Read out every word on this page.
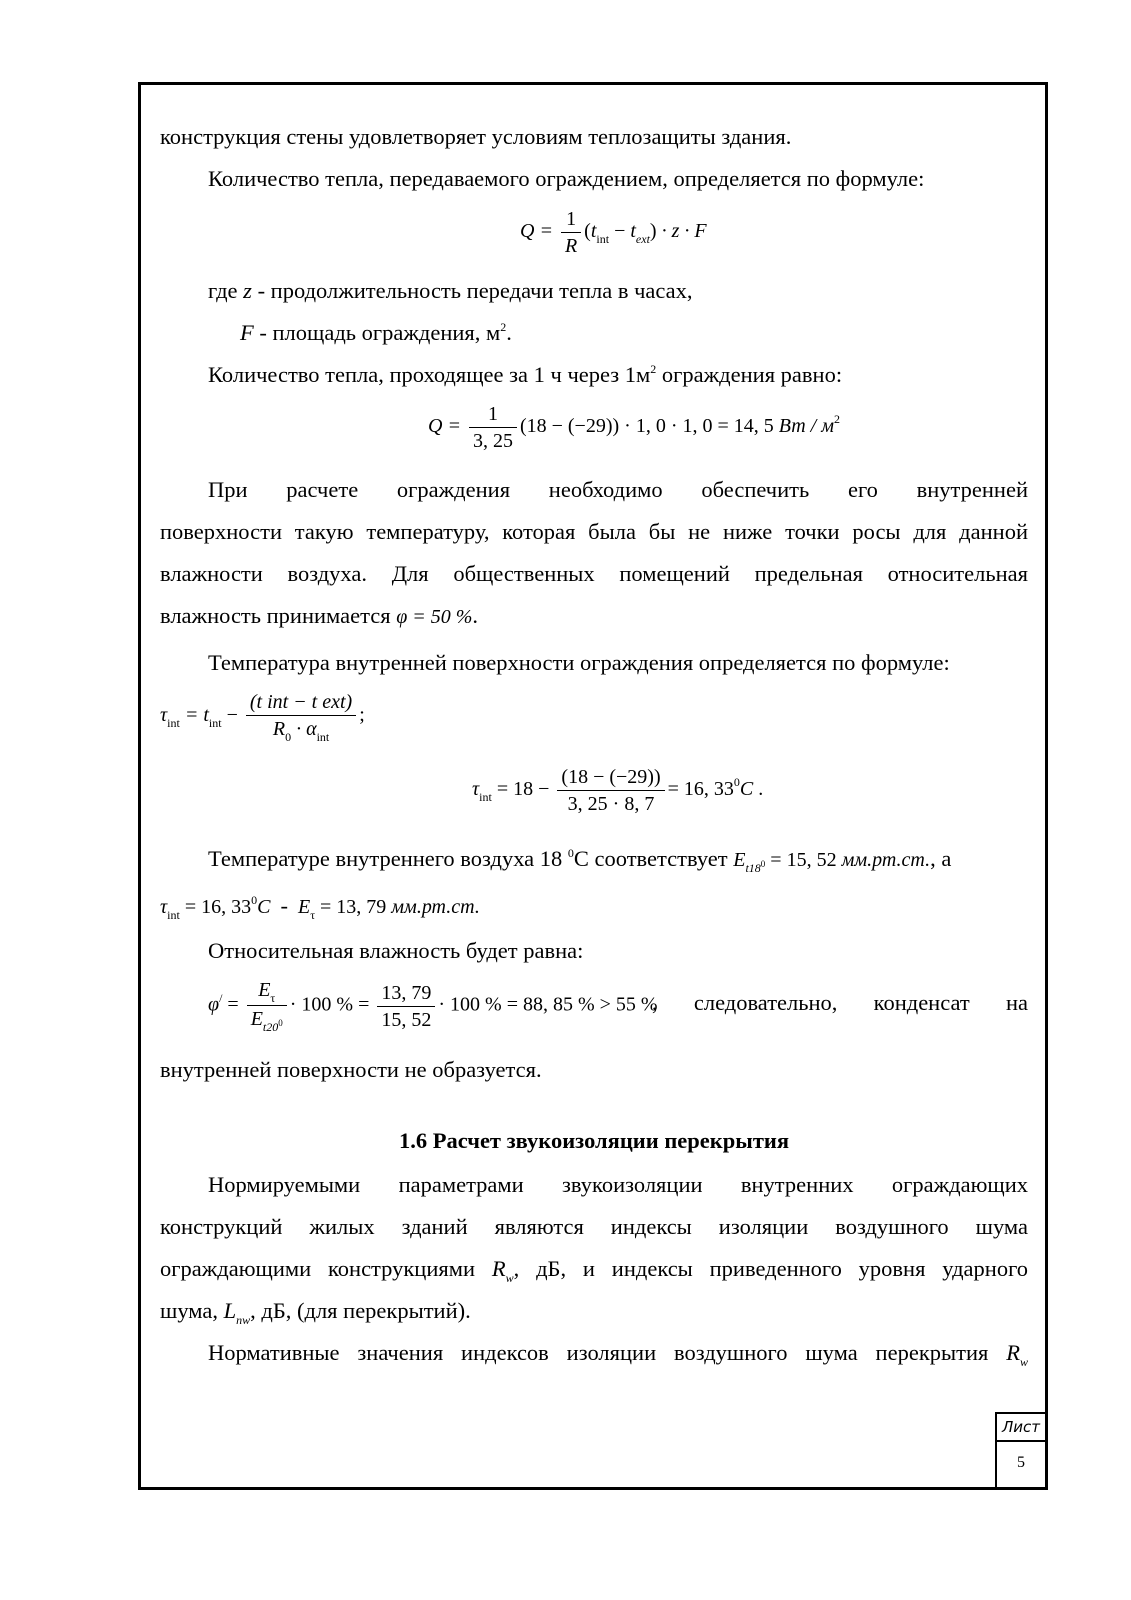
конструкция стены удовлетворяет условиям теплозащиты здания.
Количество тепла, передаваемого ограждением, определяется по формуле:
$Q = \frac{1}{R} (t_{int} - t_{ext}) \cdot z \cdot F$
где z - продолжительность передачи тепла в часах,
F - площадь ограждения, $м^2$.
Количество тепла, проходящее за 1 ч через $1м^2$ ограждения равно:
$Q = \frac{1}{3, 25} (18 - (-29)) \cdot 1$, 0 · 1, 0 = 14, 5 Вт / $м^2$
При расчете ограждения необходимо обеспечить его внутренней
поверхности такую температуру, которая была бы не ниже точки росы для данной
влажности воздуха. Для общественных помещений предельная относительная
влажность принимается φ = 50 %.
Температура внутренней поверхности ограждения определяется по формуле:
$\tau_{int} = t_{int} - \frac{\text{(t int − t ext)}}{R_0 \cdot \alpha_{int}}$ ;
$\tau_{int} = 18 - \frac{(18 - (-29))}{3, 25 \cdot 8, 7} = 16$, $33^0C$ .
Температуре внутреннего воздуха 18 $^0$С соответствует $E_{t18}0 = 15$, 52 мм.рт.ст., а
$\tau_{int} = 16$, $33^0C - E_\tau = 13$, 79 мм.рт.ст.
Относительная влажность будет равна:
$\varphi^/ = \frac{E_\tau}{E_{t20}0} \cdot 100$ % = $\frac{13, 79}{15, 52} \cdot 100$ % = 88, 85 % > 55 %
, следовательно, конденсат на
внутренней поверхности не образуется.
1.6 Расчет звукоизоляции перекрытия
Нормируемыми параметрами звукоизоляции внутренних ограждающих
конструкций жилых зданий являются индексы изоляции воздушного шума
ограждающими конструкциями $R_w$, дБ, и индексы приведенного уровня ударного
шума, $L_{nw}$, дБ, (для перекрытий).
Нормативные значения индексов изоляции воздушного шума перекрытия $R_w$
Лист
5
